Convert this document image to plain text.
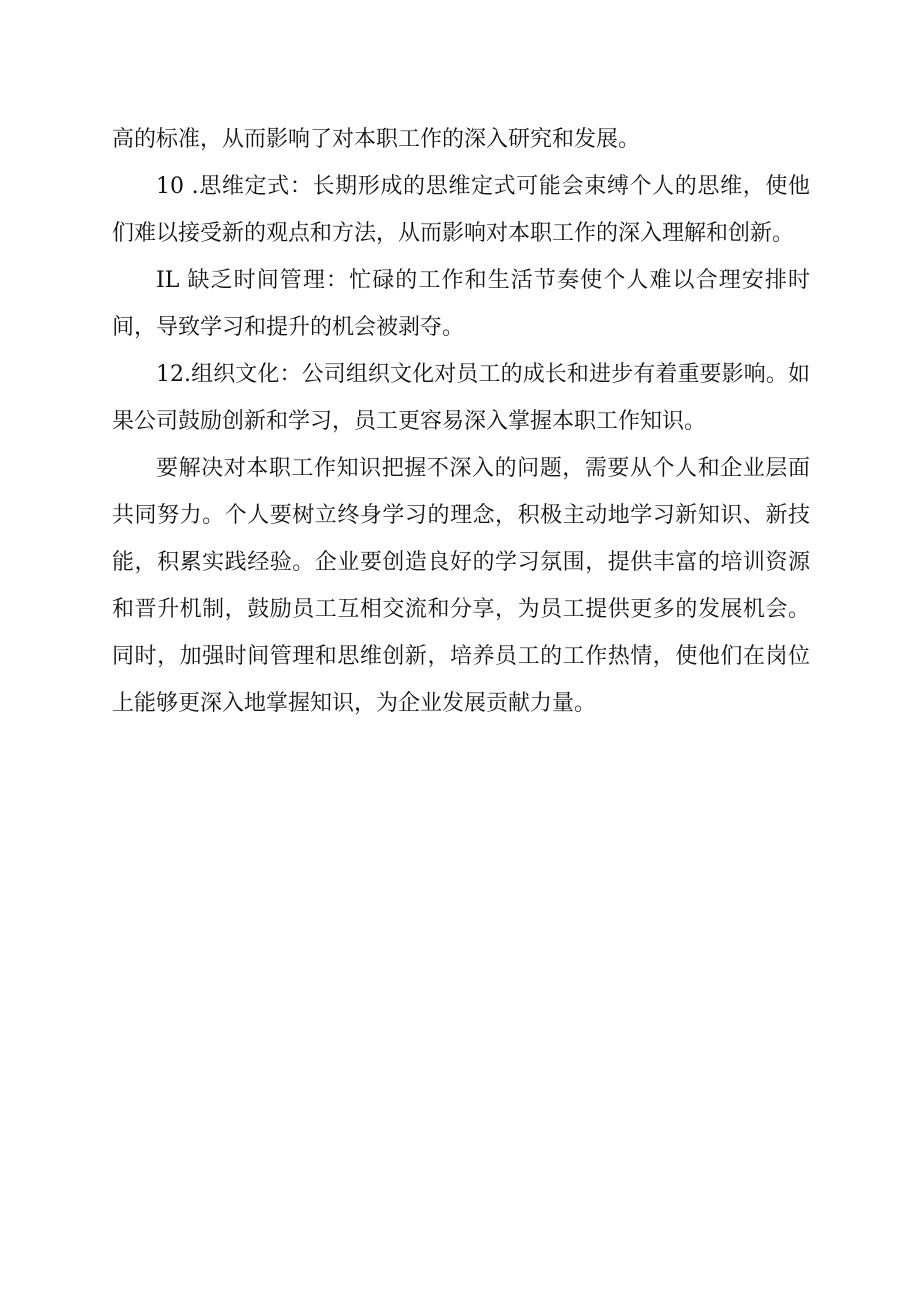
高的标准，从而影响了对本职工作的深入研究和发展。

10 .思维定式：长期形成的思维定式可能会束缚个人的思维，使他们难以接受新的观点和方法，从而影响对本职工作的深入理解和创新。

IL 缺乏时间管理：忙碌的工作和生活节奏使个人难以合理安排时间，导致学习和提升的机会被剥夺。

12.组织文化：公司组织文化对员工的成长和进步有着重要影响。如果公司鼓励创新和学习，员工更容易深入掌握本职工作知识。

要解决对本职工作知识把握不深入的问题，需要从个人和企业层面共同努力。个人要树立终身学习的理念，积极主动地学习新知识、新技能，积累实践经验。企业要创造良好的学习氛围，提供丰富的培训资源和晋升机制，鼓励员工互相交流和分享，为员工提供更多的发展机会。同时，加强时间管理和思维创新，培养员工的工作热情，使他们在岗位上能够更深入地掌握知识，为企业发展贡献力量。
